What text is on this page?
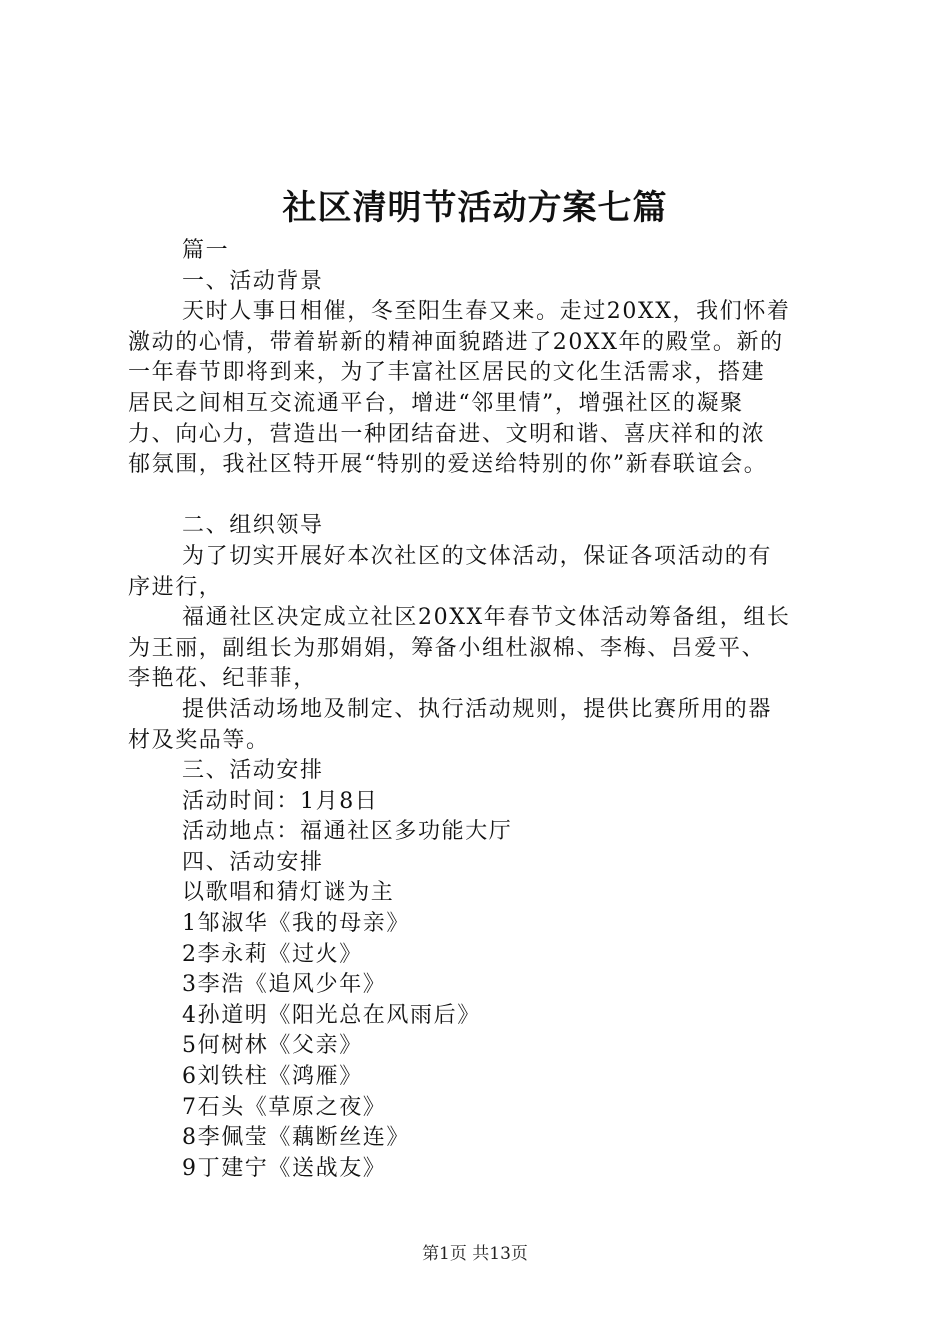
社区清明节活动方案七篇
篇一
一、活动背景
天时人事日相催，冬至阳生春又来。走过20XX，我们怀着
激动的心情，带着崭新的精神面貌踏进了20XX年的殿堂。新的
一年春节即将到来，为了丰富社区居民的文化生活需求，搭建
居民之间相互交流通平台，增进“邻里情”，增强社区的凝聚
力、向心力，营造出一种团结奋进、文明和谐、喜庆祥和的浓
郁氛围，我社区特开展“特别的爱送给特别的你”新春联谊会。
二、组织领导
为了切实开展好本次社区的文体活动，保证各项活动的有
序进行，
福通社区决定成立社区20XX年春节文体活动筹备组，组长
为王丽，副组长为那娟娟，筹备小组杜淑棉、李梅、吕爱平、
李艳花、纪菲菲，
提供活动场地及制定、执行活动规则，提供比赛所用的器
材及奖品等。
三、活动安排
活动时间：1月8日
活动地点：福通社区多功能大厅
四、活动安排
以歌唱和猜灯谜为主
1邹淑华《我的母亲》
2李永莉《过火》
3李浩《追风少年》
4孙道明《阳光总在风雨后》
5何树林《父亲》
6刘铁柱《鸿雁》
7石头《草原之夜》
8李佩莹《藕断丝连》
9丁建宁《送战友》
第1页 共13页
